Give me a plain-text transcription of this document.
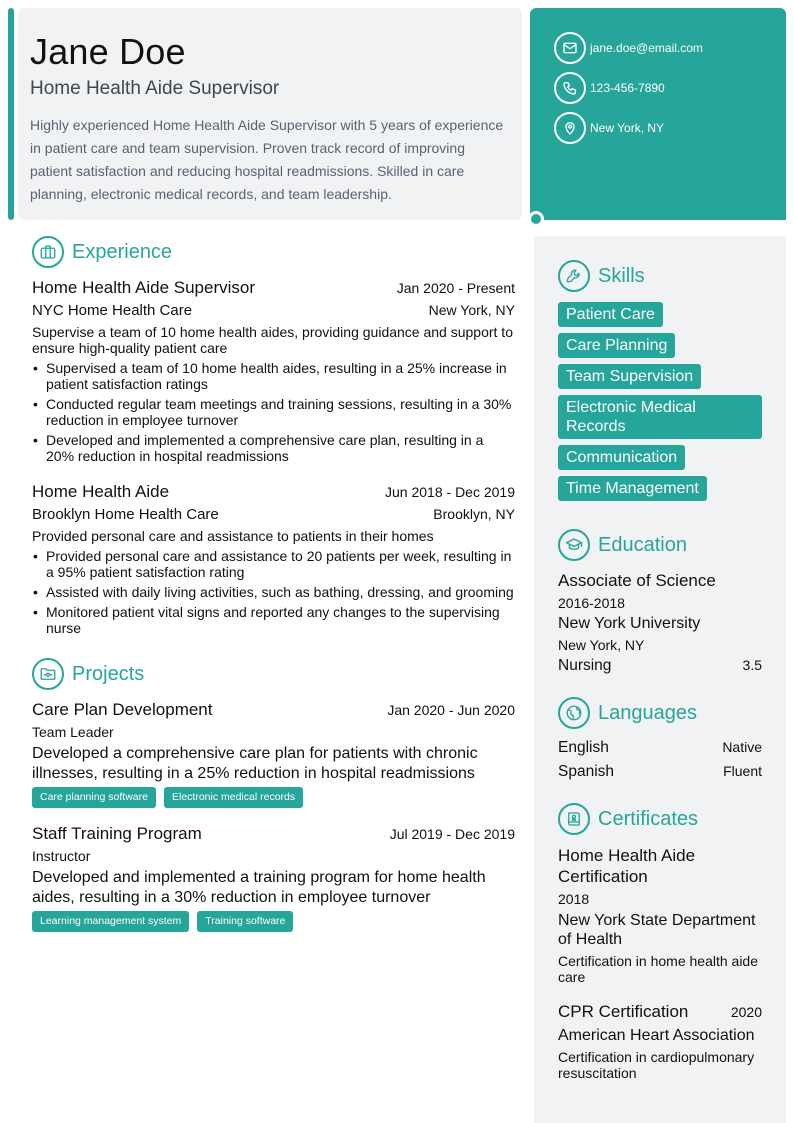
Jane Doe
Home Health Aide Supervisor
Highly experienced Home Health Aide Supervisor with 5 years of experience in patient care and team supervision. Proven track record of improving patient satisfaction and reducing hospital readmissions. Skilled in care planning, electronic medical records, and team leadership.
jane.doe@email.com
123-456-7890
New York, NY
Experience
Home Health Aide Supervisor	Jan 2020 - Present
NYC Home Health Care	New York, NY
Supervise a team of 10 home health aides, providing guidance and support to ensure high-quality patient care
• Supervised a team of 10 home health aides, resulting in a 25% increase in patient satisfaction ratings
• Conducted regular team meetings and training sessions, resulting in a 30% reduction in employee turnover
• Developed and implemented a comprehensive care plan, resulting in a 20% reduction in hospital readmissions
Home Health Aide	Jun 2018 - Dec 2019
Brooklyn Home Health Care	Brooklyn, NY
Provided personal care and assistance to patients in their homes
• Provided personal care and assistance to 20 patients per week, resulting in a 95% patient satisfaction rating
• Assisted with daily living activities, such as bathing, dressing, and grooming
• Monitored patient vital signs and reported any changes to the supervising nurse
Projects
Care Plan Development	Jan 2020 - Jun 2020
Team Leader
Developed a comprehensive care plan for patients with chronic illnesses, resulting in a 25% reduction in hospital readmissions
Care planning software	Electronic medical records
Staff Training Program	Jul 2019 - Dec 2019
Instructor
Developed and implemented a training program for home health aides, resulting in a 30% reduction in employee turnover
Learning management system	Training software
Skills
Patient Care
Care Planning
Team Supervision

Electronic Medical Records
Communication
Time Management
Education
Associate of Science
2016-2018
New York University
New York, NY
Nursing	3.5
Languages
English	Native
Spanish	Fluent
Certificates
Home Health Aide Certification
2018
New York State Department of Health
Certification in home health aide care
CPR Certification	2020
American Heart Association
Certification in cardiopulmonary resuscitation
